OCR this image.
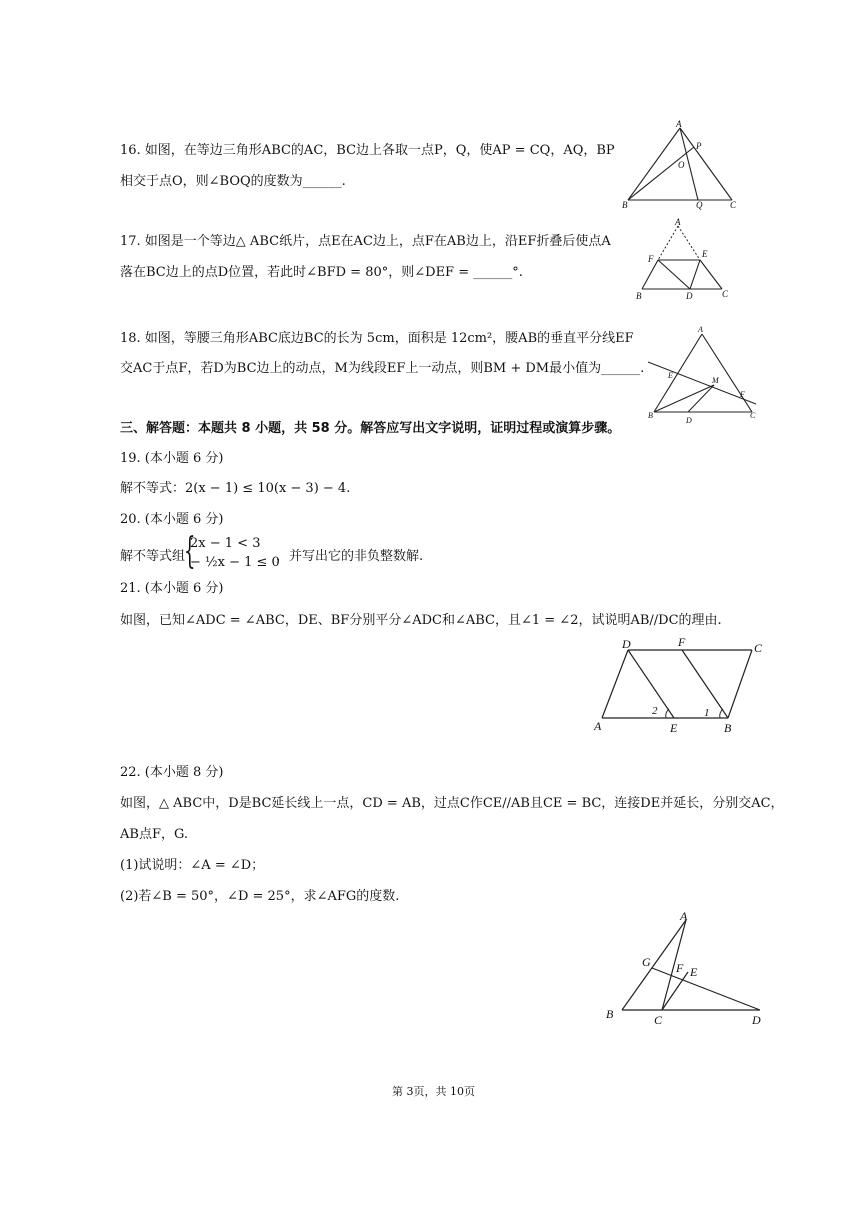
16. 如图，在等边三角形ABC的AC，BC边上各取一点P，Q，使AP = CQ，AQ，BP
相交于点O，则∠BOQ的度数为______.
A
P
O
B	Q	C
17. 如图是一个等边△ ABC纸片，点E在AC边上，点F在AB边上，沿EF折叠后使点A
落在BC边上的点D位置，若此时∠BFD = 80°，则∠DEF = ______°.
A
F	E
B	D	C
18. 如图，等腰三角形ABC底边BC的长为 5cm，面积是 12cm²，腰AB的垂直平分线EF
交AC于点F，若D为BC边上的动点，M为线段EF上一动点，则BM + DM最小值为______.
A
E
M
F
B
D
C
三、解答题：本题共 8 小题，共 58 分。解答应写出文字说明，证明过程或演算步骤。
19. (本小题 6 分)
解不等式：2(x − 1) ≤ 10(x − 3) − 4.
20. (本小题 6 分)
解不等式组
{
2x − 1 < 3
− ½x − 1 ≤ 0
，并写出它的非负整数解.
21. (本小题 6 分)
如图，已知∠ADC = ∠ABC，DE、BF分别平分∠ADC和∠ABC，且∠1 = ∠2，试说明AB//DC的理由.
D	F	C
A	E	B
1
2
22. (本小题 8 分)
如图，△ ABC中，D是BC延长线上一点，CD = AB，过点C作CE//AB且CE = BC，连接DE并延长，分别交AC，
AB点F，G.
(1)试说明：∠A = ∠D；
(2)若∠B = 50°，∠D = 25°，求∠AFG的度数.
A
G F E
B	C	D
第 3页，共 10页
